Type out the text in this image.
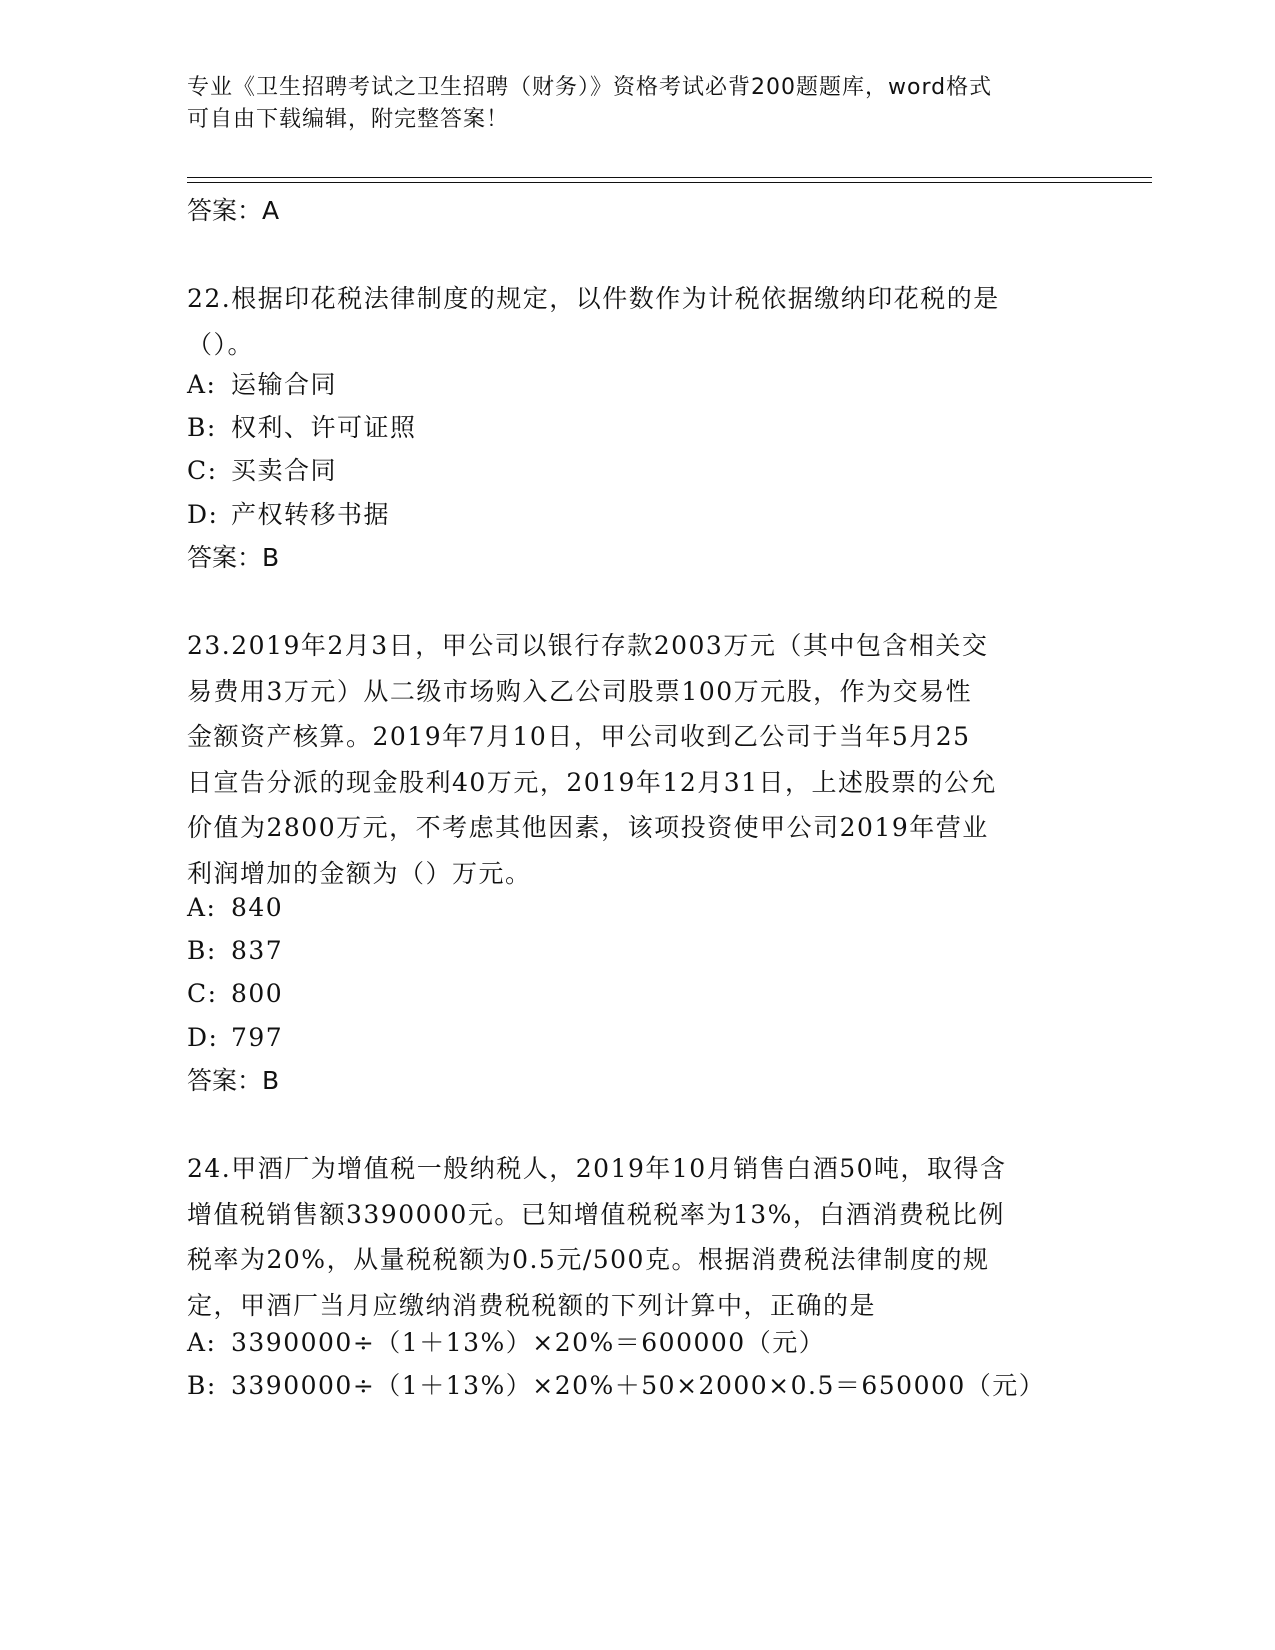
专业《卫生招聘考试之卫生招聘（财务）》资格考试必背200题题库，word格式
可自由下载编辑，附完整答案！
答案：A
22.根据印花税法律制度的规定，以件数作为计税依据缴纳印花税的是
（）。
A: 运输合同
B: 权利、许可证照
C: 买卖合同
D: 产权转移书据
答案：B
23.2019年2月3日，甲公司以银行存款2003万元（其中包含相关交
易费用3万元）从二级市场购入乙公司股票100万元股，作为交易性
金额资产核算。2019年7月10日，甲公司收到乙公司于当年5月25
日宣告分派的现金股利40万元，2019年12月31日，上述股票的公允
价值为2800万元，不考虑其他因素，该项投资使甲公司2019年营业
利润增加的金额为（）万元。
A: 840
B: 837
C: 800
D: 797
答案：B
24.甲酒厂为增值税一般纳税人，2019年10月销售白酒50吨，取得含
增值税销售额3390000元。已知增值税税率为13%，白酒消费税比例
税率为20%，从量税税额为0.5元/500克。根据消费税法律制度的规
定，甲酒厂当月应缴纳消费税税额的下列计算中，正确的是
A: 3390000÷（1＋13%）×20%＝600000（元）
B: 3390000÷（1＋13%）×20%＋50×2000×0.5＝650000（元）
